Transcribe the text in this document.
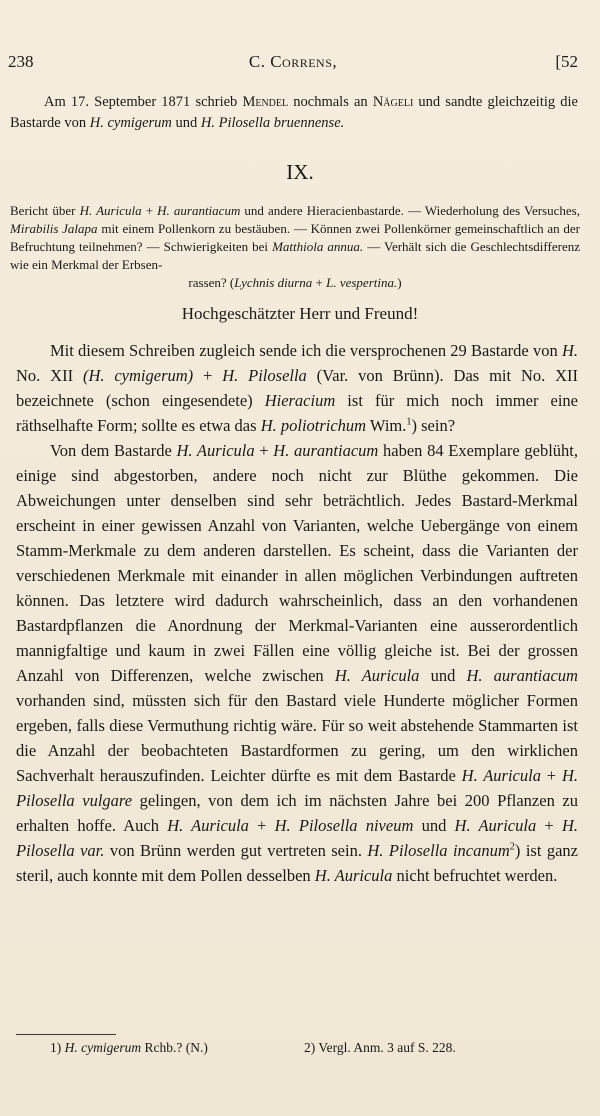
238	C. Correns,	[52
Am 17. September 1871 schrieb Mendel nochmals an Nägeli und sandte gleichzeitig die Bastarde von H. cymigerum und H. Pilosella bruennense.
IX.
Bericht über H. Auricula + H. aurantiacum und andere Hieracienbastarde. — Wiederholung des Versuches, Mirabilis Jalapa mit einem Pollenkorn zu bestäuben. — Können zwei Pollenkörner gemeinschaftlich an der Befruchtung teilnehmen? — Schwierigkeiten bei Matthiola annua. — Verhält sich die Geschlechtsdifferenz wie ein Merkmal der Erbsen-
rassen? (Lychnis diurna + L. vespertina.)
Hochgeschätzter Herr und Freund!

Mit diesem Schreiben zugleich sende ich die versprochenen 29 Bastarde von H. No. XII (H. cymigerum) + H. Pilosella (Var. von Brünn). Das mit No. XII bezeichnete (schon eingesendete) Hieracium ist für mich noch immer eine räthselhafte Form; sollte es etwa das H. poliotrichum Wim.$^1$) sein?

Von dem Bastarde H. Auricula + H. aurantiacum haben 84 Exemplare geblüht, einige sind abgestorben, andere noch nicht zur Blüthe gekommen. Die Abweichungen unter denselben sind sehr beträchtlich. Jedes Bastard-Merkmal erscheint in einer gewissen Anzahl von Varianten, welche Uebergänge von einem Stamm-Merkmale zu dem anderen darstellen. Es scheint, dass die Varianten der verschiedenen Merkmale mit einander in allen möglichen Verbindungen auftreten können. Das letztere wird dadurch wahrscheinlich, dass an den vorhandenen Bastardpflanzen die Anordnung der Merkmal-Varianten eine ausserordentlich mannigfaltige und kaum in zwei Fällen eine völlig gleiche ist. Bei der grossen Anzahl von Differenzen, welche zwischen H. Auricula und H. aurantiacum vorhanden sind, müssten sich für den Bastard viele Hunderte möglicher Formen ergeben, falls diese Vermuthung richtig wäre. Für so weit abstehende Stammarten ist die Anzahl der beobachteten Bastardformen zu gering, um den wirklichen Sachverhalt herauszufinden. Leichter dürfte es mit dem Bastarde H. Auricula + H. Pilosella vulgare gelingen, von dem ich im nächsten Jahre bei 200 Pflanzen zu erhalten hoffe. Auch H. Auricula + H. Pilosella niveum und H. Auricula + H. Pilosella var. von Brünn werden gut vertreten sein. H. Pilosella incanum$^2$) ist ganz steril, auch konnte mit dem Pollen desselben H. Auricula nicht befruchtet werden.

1) H. cymigerum Rchb.? (N.)	2) Vergl. Anm. 3 auf S. 228.
